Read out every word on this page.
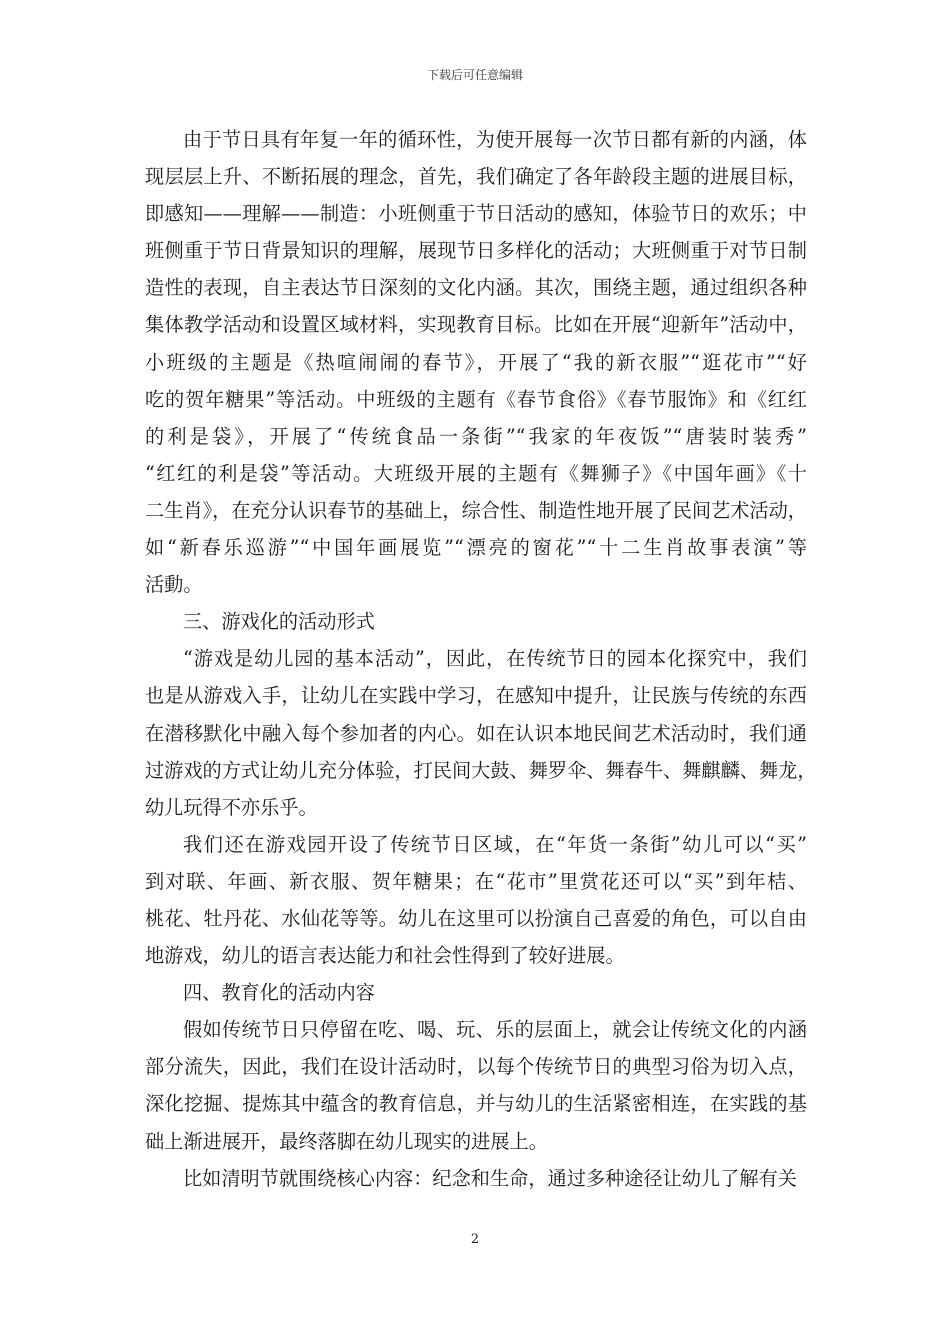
下载后可任意编辑
由于节日具有年复一年的循环性，为使开展每一次节日都有新的内涵，体
现层层上升、不断拓展的理念，首先，我们确定了各年龄段主题的进展目标，
即感知——理解——制造：小班侧重于节日活动的感知，体验节日的欢乐；中
班侧重于节日背景知识的理解，展现节日多样化的活动；大班侧重于对节日制
造性的表现，自主表达节日深刻的文化内涵。其次，围绕主题，通过组织各种
集体教学活动和设置区域材料，实现教育目标。比如在开展“迎新年”活动中，
小班级的主题是《热喧闹闹的春节》，开展了“我的新衣服”“逛花市”“好
吃的贺年糖果”等活动。中班级的主题有《春节食俗》《春节服饰》和《红红
的利是袋》，开展了“传统食品一条街”“我家的年夜饭”“唐装时装秀”
“红红的利是袋”等活动。大班级开展的主题有《舞狮子》《中国年画》《十
二生肖》，在充分认识春节的基础上，综合性、制造性地开展了民间艺术活动，
如“新春乐巡游”“中国年画展览”“漂亮的窗花”“十二生肖故事表演”等
活動。
三、游戏化的活动形式
“游戏是幼儿园的基本活动”，因此，在传统节日的园本化探究中，我们
也是从游戏入手，让幼儿在实践中学习，在感知中提升，让民族与传统的东西
在潜移默化中融入每个参加者的内心。如在认识本地民间艺术活动时，我们通
过游戏的方式让幼儿充分体验，打民间大鼓、舞罗伞、舞春牛、舞麒麟、舞龙，
幼儿玩得不亦乐乎。
我们还在游戏园开设了传统节日区域，在“年货一条街”幼儿可以“买”
到对联、年画、新衣服、贺年糖果；在“花市”里赏花还可以“买”到年桔、
桃花、牡丹花、水仙花等等。幼儿在这里可以扮演自己喜爱的角色，可以自由
地游戏，幼儿的语言表达能力和社会性得到了较好进展。
四、教育化的活动内容
假如传统节日只停留在吃、喝、玩、乐的层面上，就会让传统文化的内涵
部分流失，因此，我们在设计活动时，以每个传统节日的典型习俗为切入点，
深化挖掘、提炼其中蕴含的教育信息，并与幼儿的生活紧密相连，在实践的基
础上渐进展开，最终落脚在幼儿现实的进展上。
比如清明节就围绕核心内容：纪念和生命，通过多种途径让幼儿了解有关
2
